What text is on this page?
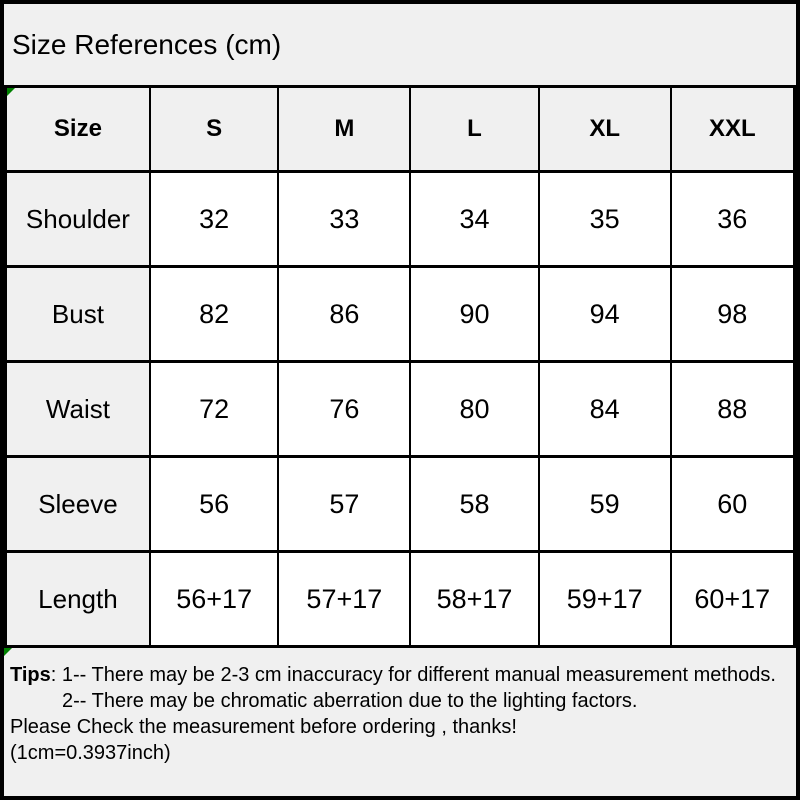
Size References (cm)
Size	S	M	L	XL	XXL
Shoulder	32	33	34	35	36
Bust	82	86	90	94	98
Waist	72	76	80	84	88
Sleeve	56	57	58	59	60
Length	56+17	57+17	58+17	59+17	60+17

Tips: 1-- There may be 2-3 cm inaccuracy for different manual measurement methods.

2-- There may be chromatic aberration due to the lighting factors.

Please Check the measurement before ordering , thanks!

(1cm=0.3937inch)
